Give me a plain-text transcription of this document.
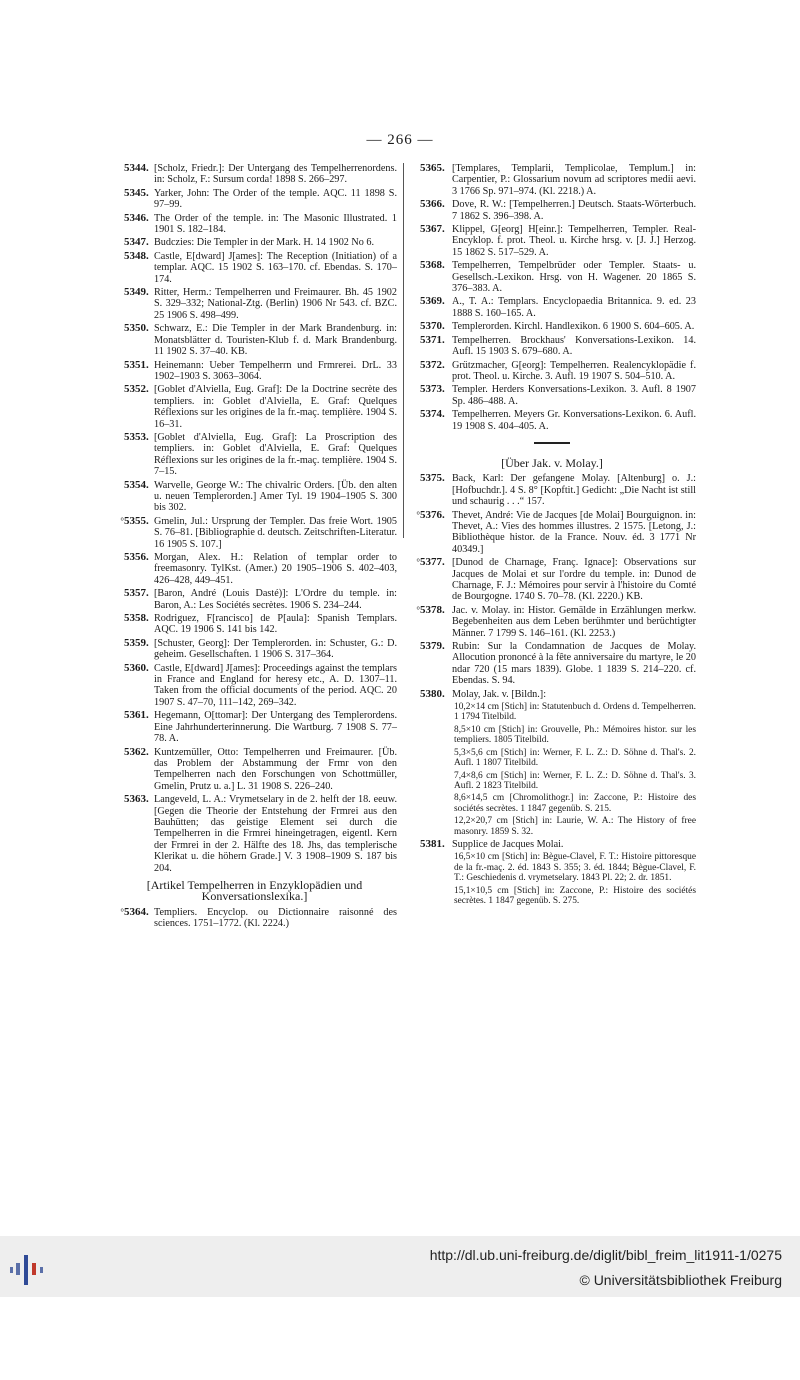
— 266 —
5344. [Scholz, Friedr.]: Der Untergang des Tempelherrenordens. in: Scholz, F.: Sursum corda! 1898 S. 266–297.
5345. Yarker, John: The Order of the temple. AQC. 11 1898 S. 97–99.
5346. The Order of the temple. in: The Masonic Illustrated. 1 1901 S. 182–184.
5347. Budczies: Die Templer in der Mark. H. 14 1902 No 6.
5348. Castle, E[dward] J[ames]: The Reception (Initiation) of a templar. AQC. 15 1902 S. 163–170. cf. Ebendas. S. 170–174.
5349. Ritter, Herm.: Tempelherren und Freimaurer. Bh. 45 1902 S. 329–332; National-Ztg. (Berlin) 1906 Nr 543. cf. BZC. 25 1906 S. 498–499.
5350. Schwarz, E.: Die Templer in der Mark Brandenburg. in: Monatsblätter d. Touristen-Klub f. d. Mark Brandenburg. 11 1902 S. 37–40. KB.
5351. Heinemann: Ueber Tempelherrn und Frmrerei. DrL. 33 1902–1903 S. 3063–3064.
5352. [Goblet d'Alviella, Eug. Graf]: De la Doctrine secrète des templiers. in: Goblet d'Alviella, E. Graf: Quelques Réflexions sur les origines de la fr.-maç. templière. 1904 S. 16–31.
5353. [Goblet d'Alviella, Eug. Graf]: La Proscription des templiers. in: Goblet d'Alviella, E. Graf: Quelques Réflexions sur les origines de la fr.-maç. templière. 1904 S. 7–15.
5354. Warvelle, George W.: The chivalric Orders. [Üb. den alten u. neuen Templerorden.] Amer Tyl. 19 1904–1905 S. 300 bis 302.
° 5355. Gmelin, Jul.: Ursprung der Templer. Das freie Wort. 1905 S. 76–81. [Bibliographie d. deutsch. Zeitschriften-Literatur. 16 1905 S. 107.]
5356. Morgan, Alex. H.: Relation of templar order to freemasonry. TylKst. (Amer.) 20 1905–1906 S. 402–403, 426–428, 449–451.
5357. [Baron, André (Louis Dasté)]: L'Ordre du temple. in: Baron, A.: Les Sociétés secrètes. 1906 S. 234–244.
5358. Rodriguez, F[rancisco] de P[aula]: Spanish Templars. AQC. 19 1906 S. 141 bis 142.
5359. [Schuster, Georg]: Der Templerorden. in: Schuster, G.: D. geheim. Gesellschaften. 1 1906 S. 317–364.
5360. Castle, E[dward] J[ames]: Proceedings against the templars in France and England for heresy etc., A. D. 1307–11. Taken from the official documents of the period. AQC. 20 1907 S. 47–70, 111–142, 269–342.
5361. Hegemann, O[ttomar]: Der Untergang des Templerordens. Eine Jahrhunderterinnerung. Die Wartburg. 7 1908 S. 77–78. A.
5362. Kuntzemüller, Otto: Tempelherren und Freimaurer. [Üb. das Problem der Abstammung der Frmr von den Tempelherren nach den Forschungen von Schottmüller, Gmelin, Prutz u. a.] L. 31 1908 S. 226–240.
5363. Langeveld, L. A.: Vrymetselary in de 2. helft der 18. eeuw. [Gegen die Theorie der Entstehung der Frmrei aus den Bauhütten; das geistige Element sei durch die Tempelherren in die Frmrei hineingetragen, eigentl. Kern der Frmrei in der 2. Hälfte des 18. Jhs, das templerische Klerikat u. die höhern Grade.] V. 3 1908–1909 S. 187 bis 204.
[Artikel Tempelherren in Enzyklopädien und Konversationslexika.]
° 5364. Templiers. Encyclop. ou Dictionnaire raisonné des sciences. 1751–1772. (Kl. 2224.)
5365. [Templares, Templarii, Templicolae, Templum.] in: Carpentier, P.: Glossarium novum ad scriptores medii aevi. 3 1766 Sp. 971–974. (Kl. 2218.) A.
5366. Dove, R. W.: [Tempelherren.] Deutsch. Staats-Wörterbuch. 7 1862 S. 396–398. A.
5367. Klippel, G[eorg] H[einr.]: Tempelherren, Templer. Real-Encyklop. f. prot. Theol. u. Kirche hrsg. v. [J. J.] Herzog. 15 1862 S. 517–529. A.
5368. Tempelherren, Tempelbrüder oder Templer. Staats- u. Gesellsch.-Lexikon. Hrsg. von H. Wagener. 20 1865 S. 376–383. A.
5369. A., T. A.: Templars. Encyclopaedia Britannica. 9. ed. 23 1888 S. 160–165. A.
5370. Templerorden. Kirchl. Handlexikon. 6 1900 S. 604–605. A.
5371. Tempelherren. Brockhaus' Konversations-Lexikon. 14. Aufl. 15 1903 S. 679–680. A.
5372. Grützmacher, G[eorg]: Tempelherren. Realencyklopädie f. prot. Theol. u. Kirche. 3. Aufl. 19 1907 S. 504–510. A.
5373. Templer. Herders Konversations-Lexikon. 3. Aufl. 8 1907 Sp. 486–488. A.
5374. Tempelherren. Meyers Gr. Konversations-Lexikon. 6. Aufl. 19 1908 S. 404–405. A.
[Über Jak. v. Molay.]
5375. Back, Karl: Der gefangene Molay. [Altenburg] o. J.: [Hofbuchdr.]. 4 S. 8° [Kopftit.] Gedicht: „Die Nacht ist still und schaurig . . .“ 157.
° 5376. Thevet, André: Vie de Jacques [de Molai] Bourguignon. in: Thevet, A.: Vies des hommes illustres. 2 1575. [Letong, J.: Bibliothèque histor. de la France. Nouv. éd. 3 1771 Nr 40349.]
° 5377. [Dunod de Charnage, Franç. Ignace]: Observations sur Jacques de Molai et sur l'ordre du temple. in: Dunod de Charnage, F. J.: Mémoires pour servir à l'histoire du Comté de Bourgogne. 1740 S. 70–78. (Kl. 2220.) KB.
° 5378. Jac. v. Molay. in: Histor. Gemälde in Erzählungen merkw. Begebenheiten aus dem Leben berühmter und berüchtigter Männer. 7 1799 S. 146–161. (Kl. 2253.)
5379. Rubin: Sur la Condamnation de Jacques de Molay. Allocution prononcé à la fête anniversaire du martyre, le 20 ndar 720 (15 mars 1839). Globe. 1 1839 S. 214–220. cf. Ebendas. S. 94.
5380. Molay, Jak. v. [Bildn.]:
10,2×14 cm [Stich] in: Statutenbuch d. Ordens d. Tempelherren. 1 1794 Titelbild.
8,5×10 cm [Stich] in: Grouvelle, Ph.: Mémoires histor. sur les templiers. 1805 Titelbild.
5,3×5,6 cm [Stich] in: Werner, F. L. Z.: D. Söhne d. Thal's. 2. Aufl. 1 1807 Titelbild.
7,4×8,6 cm [Stich] in: Werner, F. L. Z.: D. Söhne d. Thal's. 3. Aufl. 2 1823 Titelbild.
8,6×14,5 cm [Chromolithogr.] in: Zaccone, P.: Histoire des sociétés secrètes. 1 1847 gegenüb. S. 215.
12,2×20,7 cm [Stich] in: Laurie, W. A.: The History of free masonry. 1859 S. 32.
5381. Supplice de Jacques Molai.
16,5×10 cm [Stich] in: Bègue-Clavel, F. T.: Histoire pittoresque de la fr.-maç. 2. éd. 1843 S. 355; 3. éd. 1844; Bègue-Clavel, F. T.: Geschiedenis d. vrymetselary. 1843 Pl. 22; 2. dr. 1851.
15,1×10,5 cm [Stich] in: Zaccone, P.: Histoire des sociétés secrètes. 1 1847 gegenüb. S. 275.
http://dl.ub.uni-freiburg.de/diglit/bibl_freim_lit1911-1/0275
© Universitätsbibliothek Freiburg
